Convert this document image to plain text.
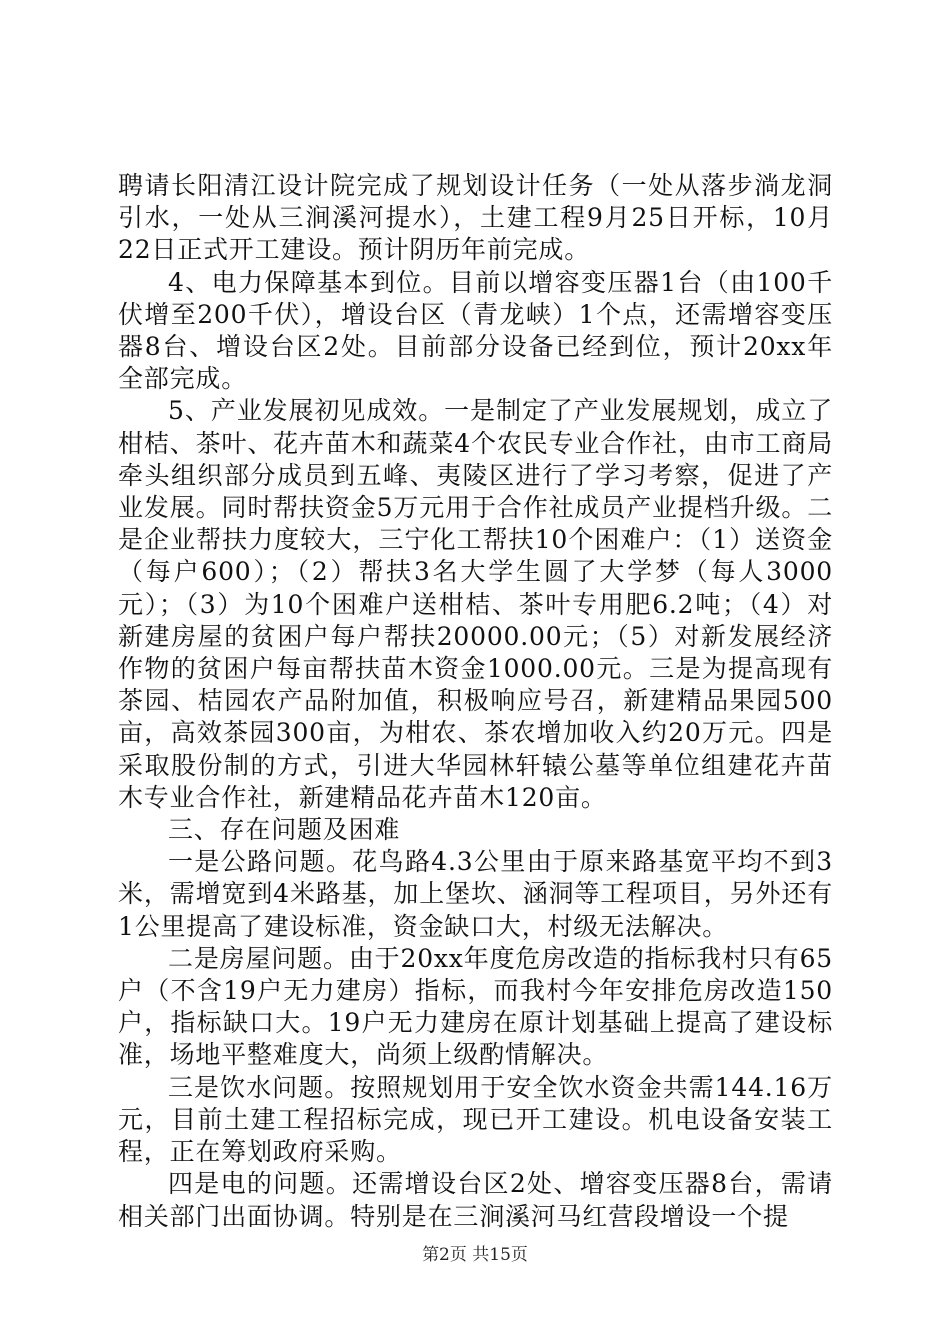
聘请长阳清江设计院完成了规划设计任务（一处从落步淌龙洞引水，一处从三涧溪河提水），土建工程9月25日开标，10月22日正式开工建设。预计阴历年前完成。

4、电力保障基本到位。目前以增容变压器1台（由100千伏增至200千伏），增设台区（青龙峡）1个点，还需增容变压器8台、增设台区2处。目前部分设备已经到位，预计20xx年全部完成。

5、产业发展初见成效。一是制定了产业发展规划，成立了柑桔、茶叶、花卉苗木和蔬菜4个农民专业合作社，由市工商局牵头组织部分成员到五峰、夷陵区进行了学习考察，促进了产业发展。同时帮扶资金5万元用于合作社成员产业提档升级。二是企业帮扶力度较大，三宁化工帮扶10个困难户：（1）送资金（每户600）；（2）帮扶3名大学生圆了大学梦（每人3000元）；（3）为10个困难户送柑桔、茶叶专用肥6.2吨；（4）对新建房屋的贫困户每户帮扶20000.00元；（5）对新发展经济作物的贫困户每亩帮扶苗木资金1000.00元。三是为提高现有茶园、桔园农产品附加值，积极响应号召，新建精品果园500亩，高效茶园300亩，为柑农、茶农增加收入约20万元。四是采取股份制的方式，引进大华园林轩辕公墓等单位组建花卉苗木专业合作社，新建精品花卉苗木120亩。

三、存在问题及困难

一是公路问题。花鸟路4.3公里由于原来路基宽平均不到3米，需增宽到4米路基，加上堡坎、涵洞等工程项目，另外还有1公里提高了建设标准，资金缺口大，村级无法解决。

二是房屋问题。由于20xx年度危房改造的指标我村只有65户（不含19户无力建房）指标，而我村今年安排危房改造150户，指标缺口大。19户无力建房在原计划基础上提高了建设标准，场地平整难度大，尚须上级酌情解决。

三是饮水问题。按照规划用于安全饮水资金共需144.16万元，目前土建工程招标完成，现已开工建设。机电设备安装工程，正在筹划政府采购。

四是电的问题。还需增设台区2处、增容变压器8台，需请相关部门出面协调。特别是在三涧溪河马红营段增设一个提

第2页 共15页
